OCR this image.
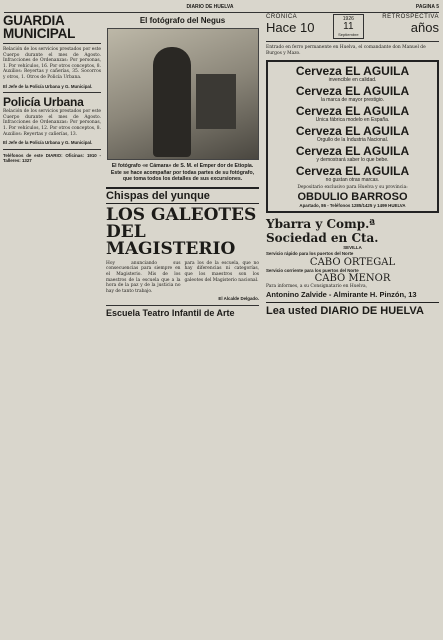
DIARIO DE HUELVA	PAGINA 5
GUARDIA MUNICIPAL

Relación de los servicios prestados por este Cuerpo durante el mes de Agosto. Infracciones de Ordenanzas: Por personas, 1. Por vehículos, 16. Por otros conceptos, 8. Auxilios: Reyertas y cañerías, 35. Socorros y otros, 1. Otros de Policía Urbana.

El Jefe de la Policía Urbana y G. Municipal.

Policía Urbana

Relación de los servicios prestados por este Cuerpo durante el mes de Agosto. Infracciones de Ordenanzas: Por personas, 1. Por vehículos, 12. Por otros conceptos, 8. Auxilios: Reyertas y cañerías, 13.

El Jefe de la Policía Urbana y G. Municipal.

Teléfonos de este DIARIO: Oficinas: 1910 - Talleres: 1327

El fotógrafo del Negus
El fotógrafo «e Cámara» de S. M. el Emper dor de Etiopía. Este se hace acompañar por todas partes de su fotógrafo, que toma todos los detalles de sus excursiones.
Chispas del yunque
LOS GALEOTES DEL MAGISTERIO

Hoy anunciando sus consecuencias para siempre en el Magisterio. Mis de los maestros de la escuela que a la hora de la paz y de la justicia no hay de tanto trabajo.

para los de la escuela, que no hay diferencias ni categorías, que los maestros son los galeotes del Magisterio nacional.

El Alcalde Delgado.
Escuela Teatro Infantil de Arte
CRÓNICA
Hace 10
1926
11
Septiembre
RETROSPECTIVA
años

Entrado en ferro permanente en Huelva, el comandante don Manuel de Burgos y Mazo.

Cerveza EL AGUILA
invencible en calidad.
Cerveza EL AGUILA
la marca de mayor prestigio.
Cerveza EL AGUILA
Unica fábrica modelo en España.
Cerveza EL AGUILA
Orgullo de la Industria Nacional.
Cerveza EL AGUILA
y demostrará saber lo que bebe.
Cerveza EL AGUILA
no gustan otras marcas.
Depositario exclusivo para Huelva y su provincia:
OBDULIO BARROSO
Apartado, 86 - Teléfonos 1285/1425 y 1499 HUELVA
Ybarra y Comp.ª Sociedad en Cta.
SEVILLA
Servicio rápido para los puertos del Norte
CABO ORTEGAL
Servicio corriente para los puertos del Norte
CABO MENOR
Para informes, a su Consignatario en Huelva,
Antonino Zalvide - Almirante H. Pinzón, 13
Lea usted DIARIO DE HUELVA
